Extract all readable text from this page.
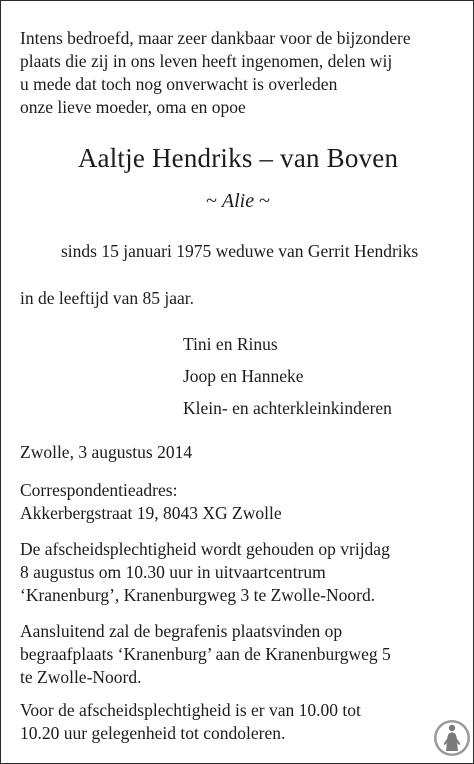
Intens bedroefd, maar zeer dankbaar voor de bijzondere
plaats die zij in ons leven heeft ingenomen, delen wij
u mede dat toch nog onverwacht is overleden
onze lieve moeder, oma en opoe
Aaltje Hendriks – van Boven
~ Alie ~
sinds 15 januari 1975 weduwe van Gerrit Hendriks
in de leeftijd van 85 jaar.
Tini en Rinus
Joop en Hanneke
Klein- en achterkleinkinderen
Zwolle, 3 augustus 2014
Correspondentieadres:
Akkerbergstraat 19, 8043 XG Zwolle
De afscheidsplechtigheid wordt gehouden op vrijdag
8 augustus om 10.30 uur in uitvaartcentrum
‘Kranenburg’, Kranenburgweg 3 te Zwolle-Noord.
Aansluitend zal de begrafenis plaatsvinden op
begraafplaats ‘Kranenburg’ aan de Kranenburgweg 5
te Zwolle-Noord.
Voor de afscheidsplechtigheid is er van 10.00 tot
10.20 uur gelegenheid tot condoleren.
